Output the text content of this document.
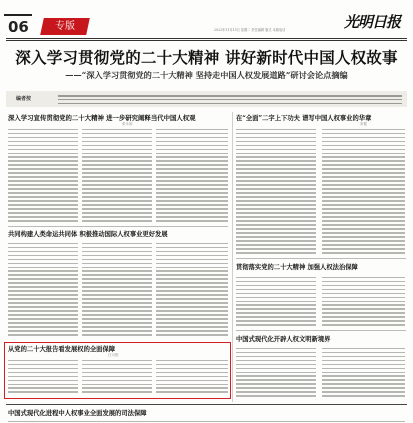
06	专版	2022年11月15日 星期二 责任编辑 版式 本版电话	光明日报
深入学习贯彻党的二十大精神 讲好新时代中国人权故事
——“深入学习贯彻党的二十大精神 坚持走中国人权发展道路”研讨会论点摘编
编者按
深入学习宣传贯彻党的二十大精神 进一步研究阐释当代中国人权观
张永和
在“全面”二字上下功夫 谱写中国人权事业的华章
常健
共同构建人类命运共同体 积极推动国际人权事业更好发展
贯彻落实党的二十大精神 加强人权法治保障
从党的二十大报告看发展权的全面保障
汪习根
中国式现代化开辟人权文明新境界
中国式现代化进程中人权事业全面发展的司法保障
